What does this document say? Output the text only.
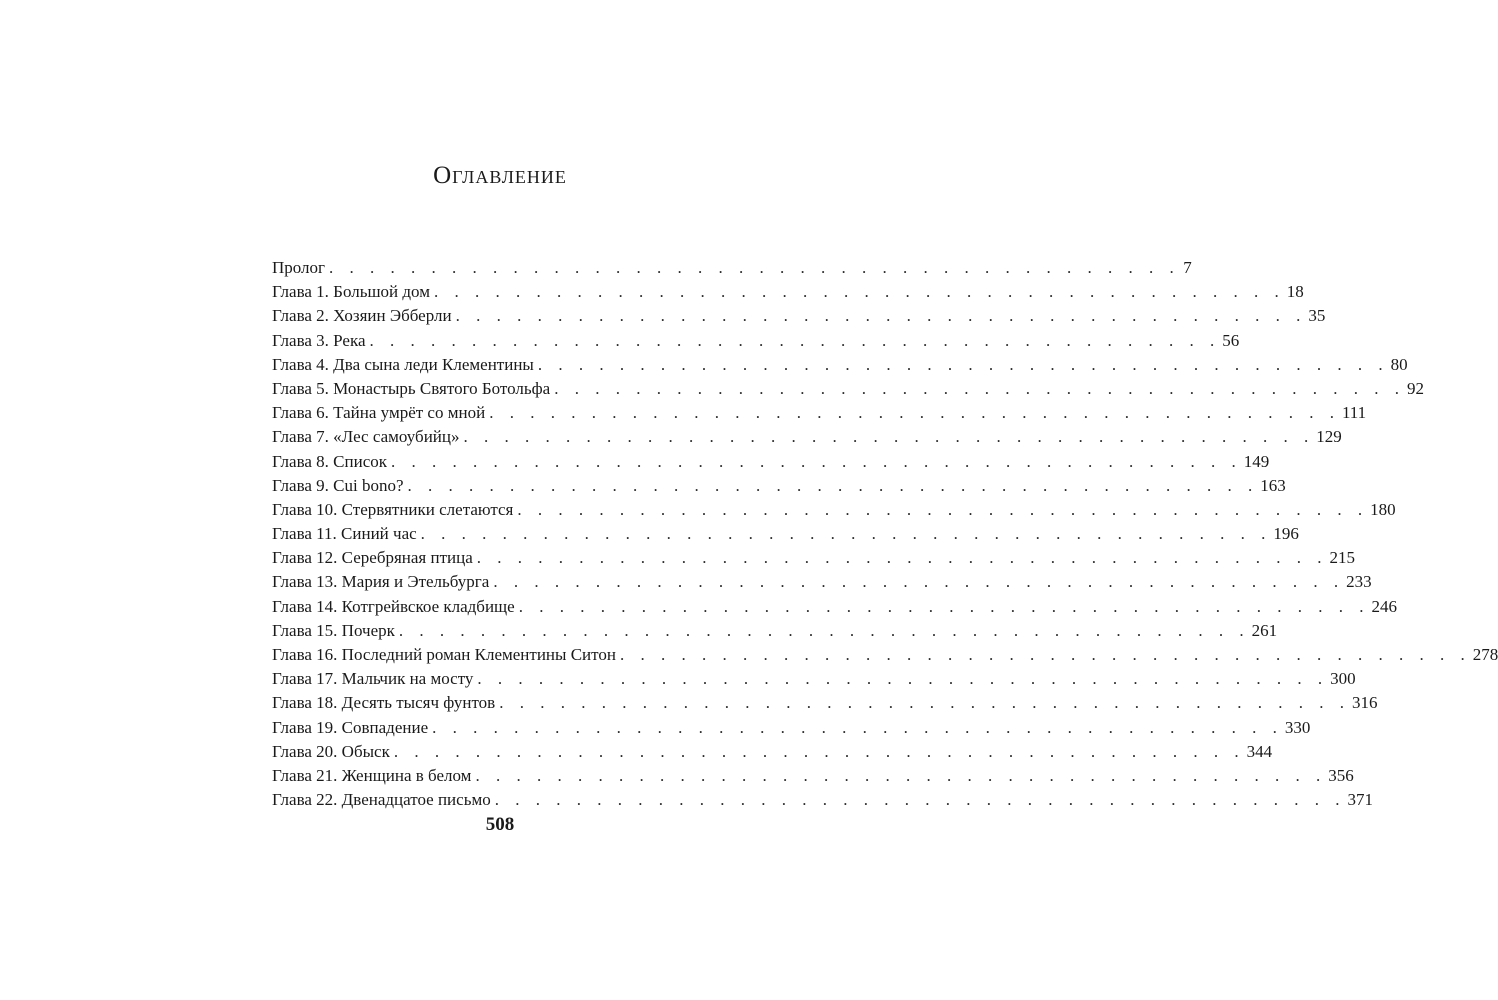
Оглавление
Пролог . . . . . . . . . . . . . . . . . . . . . . . . . . . . . . . . . . . . . . . . . . 7
Глава 1. Большой дом . . . . . . . . . . . . . . . . . . . . . . . . . . . . . . . . . . . . . . . . . . 18
Глава 2. Хозяин Эбберли . . . . . . . . . . . . . . . . . . . . . . . . . . . . . . . . . . . . . . . . . . 35
Глава 3. Река . . . . . . . . . . . . . . . . . . . . . . . . . . . . . . . . . . . . . . . . . . 56
Глава 4. Два сына леди Клементины . . . . . . . . . . . . . . . . . . . . . . . . . . . . . . . . . . . . . . . . . . 80
Глава 5. Монастырь Святого Ботольфа . . . . . . . . . . . . . . . . . . . . . . . . . . . . . . . . . . . . . . . . . . 92
Глава 6. Тайна умрёт со мной . . . . . . . . . . . . . . . . . . . . . . . . . . . . . . . . . . . . . . . . . . 111
Глава 7. «Лес самоубийц» . . . . . . . . . . . . . . . . . . . . . . . . . . . . . . . . . . . . . . . . . . 129
Глава 8. Список . . . . . . . . . . . . . . . . . . . . . . . . . . . . . . . . . . . . . . . . . . 149
Глава 9. Cui bono? . . . . . . . . . . . . . . . . . . . . . . . . . . . . . . . . . . . . . . . . . . 163
Глава 10. Стервятники слетаются . . . . . . . . . . . . . . . . . . . . . . . . . . . . . . . . . . . . . . . . . . 180
Глава 11. Синий час . . . . . . . . . . . . . . . . . . . . . . . . . . . . . . . . . . . . . . . . . . 196
Глава 12. Серебряная птица . . . . . . . . . . . . . . . . . . . . . . . . . . . . . . . . . . . . . . . . . . 215
Глава 13. Мария и Этельбурга . . . . . . . . . . . . . . . . . . . . . . . . . . . . . . . . . . . . . . . . . . 233
Глава 14. Котгрейвское кладбище . . . . . . . . . . . . . . . . . . . . . . . . . . . . . . . . . . . . . . . . . . 246
Глава 15. Почерк . . . . . . . . . . . . . . . . . . . . . . . . . . . . . . . . . . . . . . . . . . 261
Глава 16. Последний роман Клементины Ситон . . . . . . . . . . . . . . . . . . . . . . . . . . . . . . . . . . . . . . . . . . 278
Глава 17. Мальчик на мосту . . . . . . . . . . . . . . . . . . . . . . . . . . . . . . . . . . . . . . . . . . 300
Глава 18. Десять тысяч фунтов . . . . . . . . . . . . . . . . . . . . . . . . . . . . . . . . . . . . . . . . . . 316
Глава 19. Совпадение . . . . . . . . . . . . . . . . . . . . . . . . . . . . . . . . . . . . . . . . . . 330
Глава 20. Обыск . . . . . . . . . . . . . . . . . . . . . . . . . . . . . . . . . . . . . . . . . . 344
Глава 21. Женщина в белом . . . . . . . . . . . . . . . . . . . . . . . . . . . . . . . . . . . . . . . . . . 356
Глава 22. Двенадцатое письмо . . . . . . . . . . . . . . . . . . . . . . . . . . . . . . . . . . . . . . . . . . 371
508
